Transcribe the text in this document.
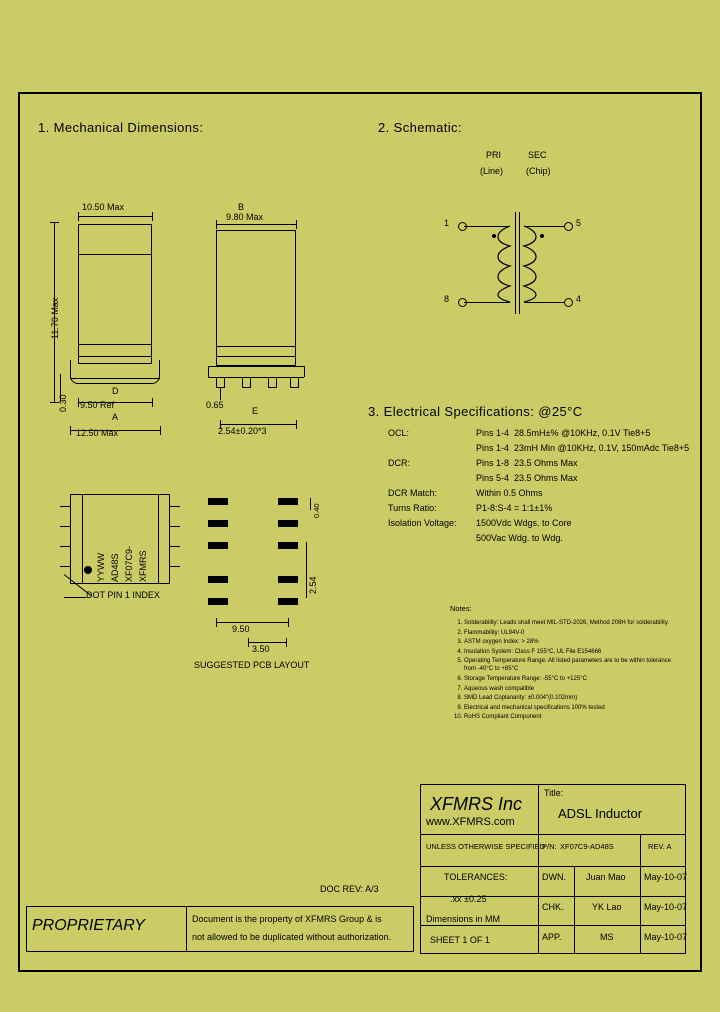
1. Mechanical Dimensions:	2. Schematic:
3. Electrical Specifications: @25°C
10.50 Max
11.70 Max
0.30
D
9.50 Ref
A
12.50 Max
B
9.80 Max
0.65
E
2.54±0.20*3
XFMRS
XF07C9-
AD48S
YYWW
DOT PIN 1 INDEX
0.40
2.54
9.50
3.50
SUGGESTED PCB LAYOUT
PRI	SEC
(Line)	(Chip)
1
8
5
4
OCL:	Pins 1-4  28.5mH±% @10KHz, 0.1V Tie8+5
Pins 1-4  23mH Min @10KHz, 0.1V, 150mAdc Tie8+5
DCR:	Pins 1-8  23.5 Ohms Max
Pins 5-4  23.5 Ohms Max
DCR Match:	Within 0.5 Ohms
Turns Ratio:	P1-8:S-4 = 1:1±1%
Isolation Voltage:	1500Vdc Wdgs. to Core
500Vac Wdg. to Wdg.
Notes:
1. Solderability: Leads shall meet MIL-STD-2026, Method 208H for solderability.
2. Flammability: UL94V-0
3. ASTM oxygen Index: > 28%
4. Insulation System: Class F 155°C, UL File E154666
5. Operating Temperature Range: All listed parameters are to be within tolerance from -40°C to +85°C
6. Storage Temperature Range: -55°C to +125°C
7. Aqueous wash compatible
8. SMD Lead Coplanarity: ±0.004"(0.102mm)
9. Electrical and mechanical specifications 100% tested
10. RoHS Compliant Component
XFMRS Inc
www.XFMRS.com
Title:
ADSL Inductor
UNLESS OTHERWISE SPECIFIED
P/N: XF07C9-AD48S	REV. A
TOLERANCES:
.xx ±0.25
Dimensions in MM
SHEET 1 OF 1
DWN. Juan Mao May-10-07
CHK.	YK Lao May-10-07
APP.	MS	May-10-07
DOC REV: A/3
PROPRIETARY	Document is the property of XFMRS Group & is
not allowed to be duplicated without authorization.
